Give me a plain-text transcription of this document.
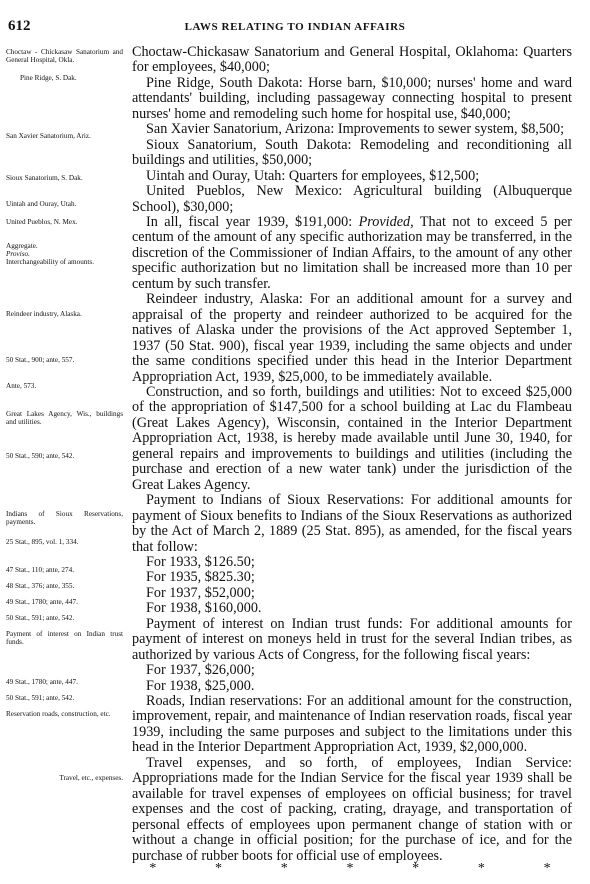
612	LAWS RELATING TO INDIAN AFFAIRS
Choctaw - Chickasaw Sanatorium and General Hospital, Okla.
Pine Ridge, S. Dak.
San Xavier Sanatorium, Ariz.
Sioux Sanatorium, S. Dak.
Uintah and Ouray, Utah.
United Pueblos, N. Mex.
Aggregate.
Proviso.
Interchangeability of amounts.
Reindeer industry, Alaska.
50 Stat., 900; ante, 557.
Ante, 573.
Great Lakes Agency, Wis., buildings and utilities.
50 Stat., 590; ante, 542.
Indians of Sioux Reservations, payments.
25 Stat., 895, vol. 1, 334.
47 Stat., 110; ante, 274.
48 Stat., 376; ante, 355.
49 Stat., 1780; ante, 447.
50 Stat., 591; ante, 542.
Payment of interest on Indian trust funds.
49 Stat., 1780; ante, 447.
50 Stat., 591; ante, 542.
Reservation roads, construction, etc.
Travel, etc., expenses.

Choctaw-Chickasaw Sanatorium and General Hospital, Oklahoma: Quarters for employees, $40,000;

Pine Ridge, South Dakota: Horse barn, $10,000; nurses' home and ward attendants' building, including passageway connecting hospital to present nurses' home and remodeling such home for hospital use, $40,000;

San Xavier Sanatorium, Arizona: Improvements to sewer system, $8,500;

Sioux Sanatorium, South Dakota: Remodeling and reconditioning all buildings and utilities, $50,000;

Uintah and Ouray, Utah: Quarters for employees, $12,500;

United Pueblos, New Mexico: Agricultural building (Albuquerque School), $30,000;

In all, fiscal year 1939, $191,000: Provided, That not to exceed 5 per centum of the amount of any specific authorization may be transferred, in the discretion of the Commissioner of Indian Affairs, to the amount of any other specific authorization but no limitation shall be increased more than 10 per centum by such transfer.

Reindeer industry, Alaska: For an additional amount for a survey and appraisal of the property and reindeer authorized to be acquired for the natives of Alaska under the provisions of the Act approved September 1, 1937 (50 Stat. 900), fiscal year 1939, including the same objects and under the same conditions specified under this head in the Interior Department Appropriation Act, 1939, $25,000, to be immediately available.

Construction, and so forth, buildings and utilities: Not to exceed $25,000 of the appropriation of $147,500 for a school building at Lac du Flambeau (Great Lakes Agency), Wisconsin, contained in the Interior Department Appropriation Act, 1938, is hereby made available until June 30, 1940, for general repairs and improvements to buildings and utilities (including the purchase and erection of a new water tank) under the jurisdiction of the Great Lakes Agency.

Payment to Indians of Sioux Reservations: For additional amounts for payment of Sioux benefits to Indians of the Sioux Reservations as authorized by the Act of March 2, 1889 (25 Stat. 895), as amended, for the fiscal years that follow:

For 1933, $126.50;

For 1935, $825.30;

For 1937, $52,000;

For 1938, $160,000.

Payment of interest on Indian trust funds: For additional amounts for payment of interest on moneys held in trust for the several Indian tribes, as authorized by various Acts of Congress, for the following fiscal years:

For 1937, $26,000;

For 1938, $25,000.

Roads, Indian reservations: For an additional amount for the construction, improvement, repair, and maintenance of Indian reservation roads, fiscal year 1939, including the same purposes and subject to the limitations under this head in the Interior Department Appropriation Act, 1939, $2,000,000.

Travel expenses, and so forth, of employees, Indian Service: Appropriations made for the Indian Service for the fiscal year 1939 shall be available for travel expenses of employees on official business; for travel expenses and the cost of packing, crating, drayage, and transportation of personal effects of employees upon permanent change of station with or without a change in official position; for the purchase of ice, and for the purchase of rubber boots for official use of employees.

*	*	*	*	*	*	*
